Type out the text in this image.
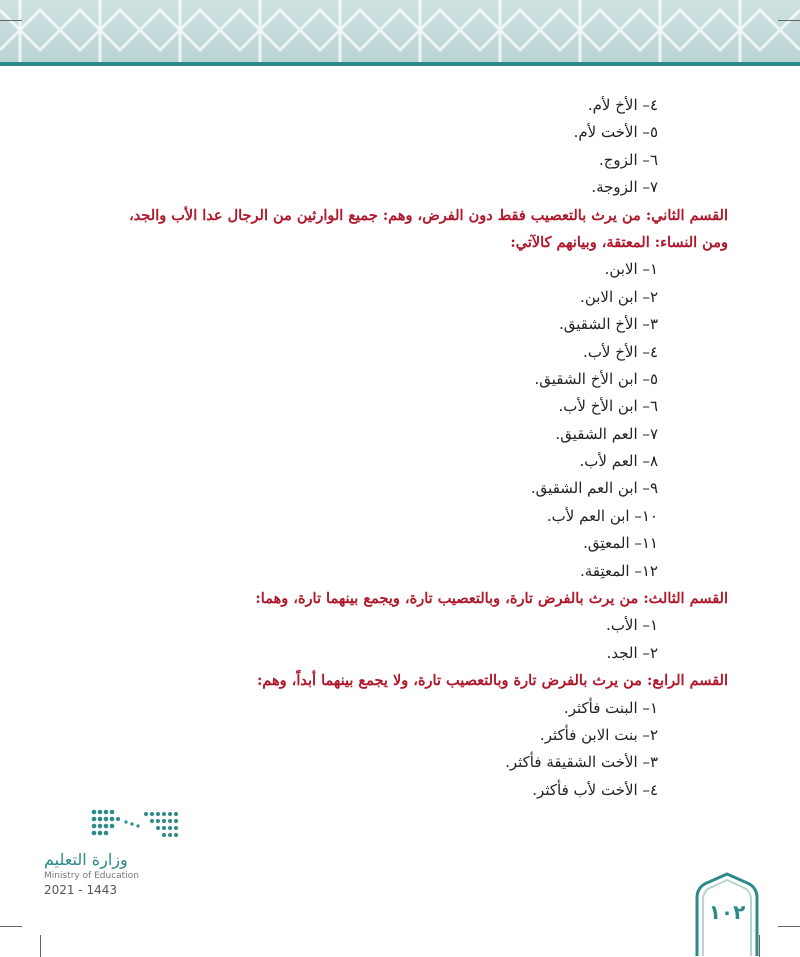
٤– الأخ لأم.
٥– الأخت لأم.
٦– الزوج.
٧– الزوجة.
القسم الثاني: من يرث بالتعصيب فقط دون الفرض، وهم: جميع الوارثين من الرجال عدا الأب والجد،
ومن النساء: المعتقة، وبيانهم كالآتي:
١– الابن.
٢– ابن الابن.
٣– الأخ الشقيق.
٤– الأخ لأب.
٥– ابن الأخ الشقيق.
٦– ابن الأخ لأب.
٧– العم الشقيق.
٨– العم لأب.
٩– ابن العم الشقيق.
١٠– ابن العم لأب.
١١– المعتِق.
١٢– المعتِقة.
القسم الثالث: من يرث بالفرض تارة، وبالتعصيب تارة، ويجمع بينهما تارة، وهما:
١– الأب.
٢– الجد.
القسم الرابع: من يرث بالفرض تارة وبالتعصيب تارة، ولا يجمع بينهما أبداً، وهم:
١– البنت فأكثر.
٢– بنت الابن فأكثر.
٣– الأخت الشقيقة فأكثر.
٤– الأخت لأب فأكثر.
وزارة التعليم
Ministry of Education
2021 - 1443
١٠٢
